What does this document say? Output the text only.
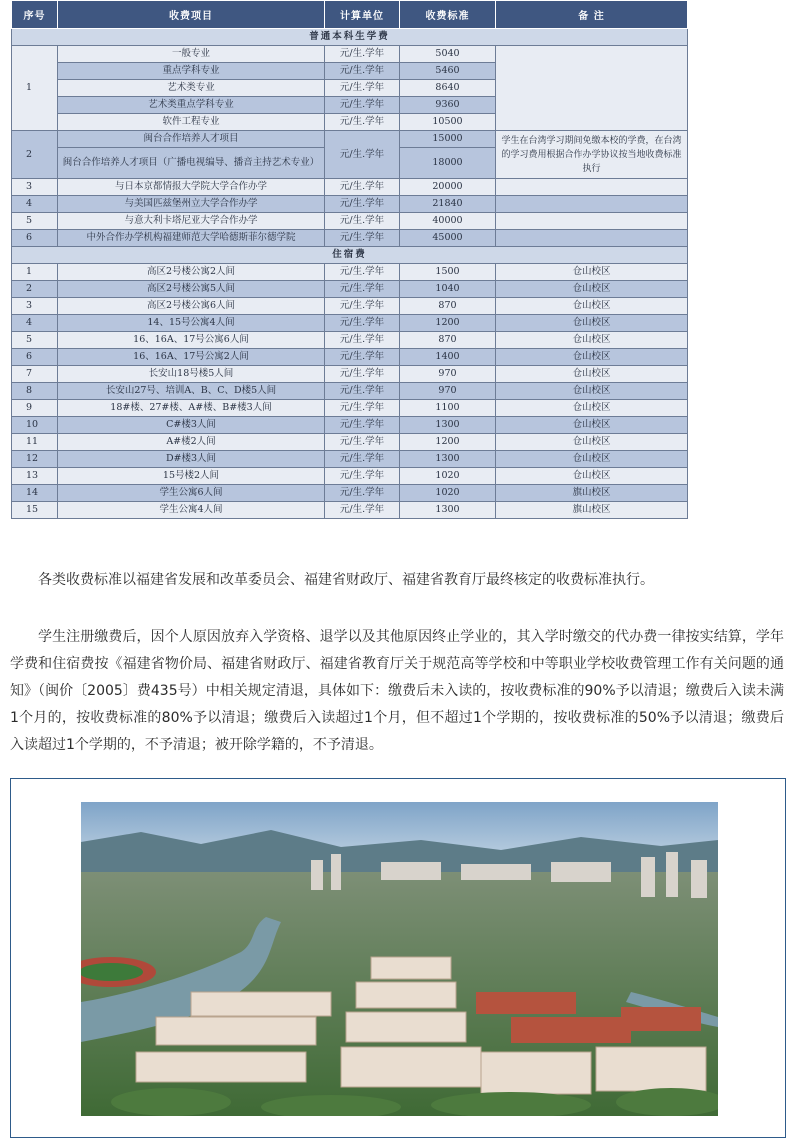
序号	收费项目	计算单位	收费标准	备 注
普通本科生学费				
1	一般专业	元/生.学年	5040	
	重点学科专业	元/生.学年	5460	
	艺术类专业	元/生.学年	8640	
	艺术类重点学科专业	元/生.学年	9360	
	软件工程专业	元/生.学年	10500	
2	闽台合作培养人才项目	元/生.学年	15000	学生在台湾学习期间免缴本校的学费，在台湾的学习费用根据合作办学协议按当地收费标准执行
	闽台合作培养人才项目（广播电视编导、播音主持艺术专业）		18000	
3	与日本京都情报大学院大学合作办学	元/生.学年	20000	
4	与美国匹兹堡州立大学合作办学	元/生.学年	21840	
5	与意大利卡塔尼亚大学合作办学	元/生.学年	40000	
6	中外合作办学机构福建师范大学哈德斯菲尔德学院	元/生.学年	45000	
住宿费				
1	高区2号楼公寓2人间	元/生.学年	1500	仓山校区
2	高区2号楼公寓5人间	元/生.学年	1040	仓山校区
3	高区2号楼公寓6人间	元/生.学年	870	仓山校区
4	14、15号公寓4人间	元/生.学年	1200	仓山校区
5	16、16A、17号公寓6人间	元/生.学年	870	仓山校区
6	16、16A、17号公寓2人间	元/生.学年	1400	仓山校区
7	长安山18号楼5人间	元/生.学年	970	仓山校区
8	长安山27号、培训A、B、C、D楼5人间	元/生.学年	970	仓山校区
9	18#楼、27#楼、A#楼、B#楼3人间	元/生.学年	1100	仓山校区
10	C#楼3人间	元/生.学年	1300	仓山校区
11	A#楼2人间	元/生.学年	1200	仓山校区
12	D#楼3人间	元/生.学年	1300	仓山校区
13	15号楼2人间	元/生.学年	1020	仓山校区
14	学生公寓6人间	元/生.学年	1020	旗山校区
15	学生公寓4人间	元/生.学年	1300	旗山校区

各类收费标准以福建省发展和改革委员会、福建省财政厅、福建省教育厅最终核定的收费标准执行。

学生注册缴费后，因个人原因放弃入学资格、退学以及其他原因终止学业的，其入学时缴交的代办费一律按实结算，学年学费和住宿费按《福建省物价局、福建省财政厅、福建省教育厅关于规范高等学校和中等职业学校收费管理工作有关问题的通知》（闽价〔2005〕费435号）中相关规定清退，具体如下：缴费后未入读的，按收费标准的90%予以清退；缴费后入读未满1个月的，按收费标准的80%予以清退；缴费后入读超过1个月，但不超过1个学期的，按收费标准的50%予以清退；缴费后入读超过1个学期的，不予清退；被开除学籍的，不予清退。
